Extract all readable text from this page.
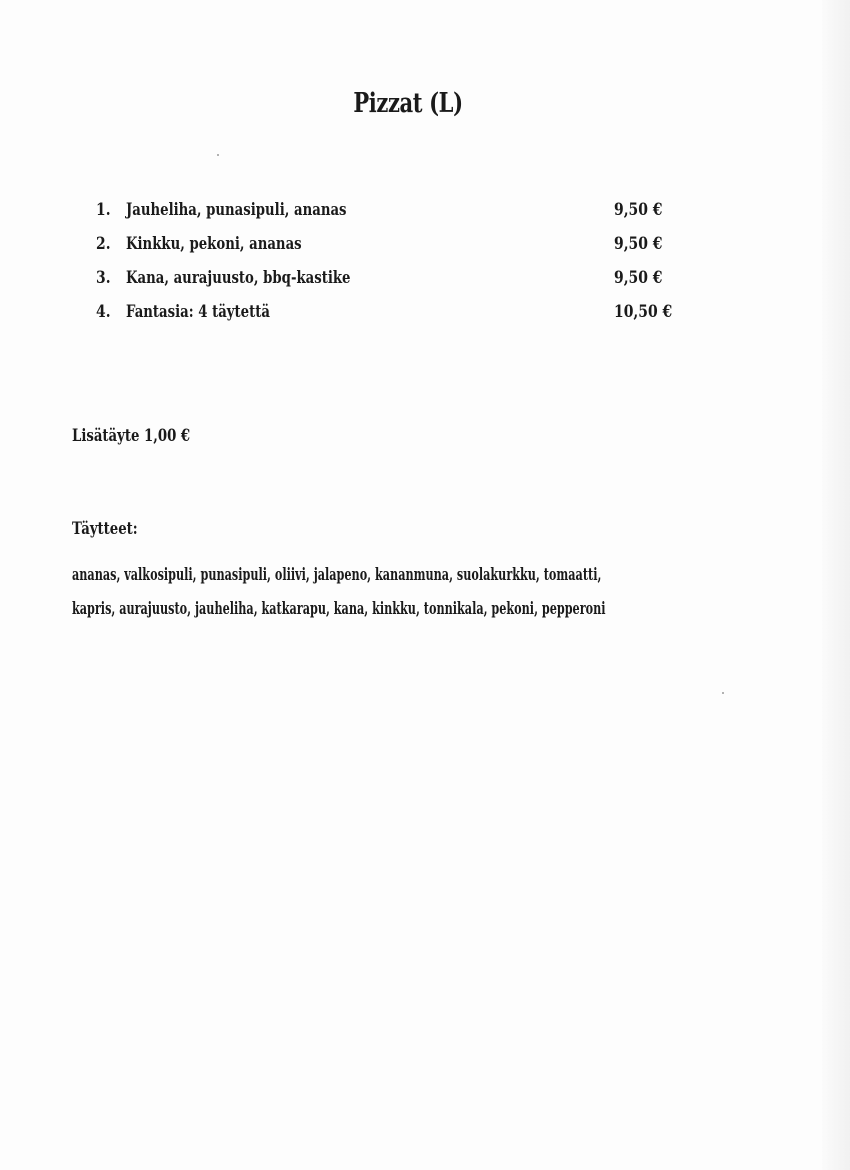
Pizzat (L)
1. Jauheliha, punasipuli, ananas	9,50 €
2. Kinkku, pekoni, ananas	9,50 €
3. Kana, aurajuusto, bbq-kastike	9,50 €
4. Fantasia: 4 täytettä	10,50 €
Lisätäyte 1,00 €
Täytteet:
ananas, valkosipuli, punasipuli, oliivi, jalapeno, kananmuna, suolakurkku, tomaatti,
kapris, aurajuusto, jauheliha, katkarapu, kana, kinkku, tonnikala, pekoni, pepperoni
